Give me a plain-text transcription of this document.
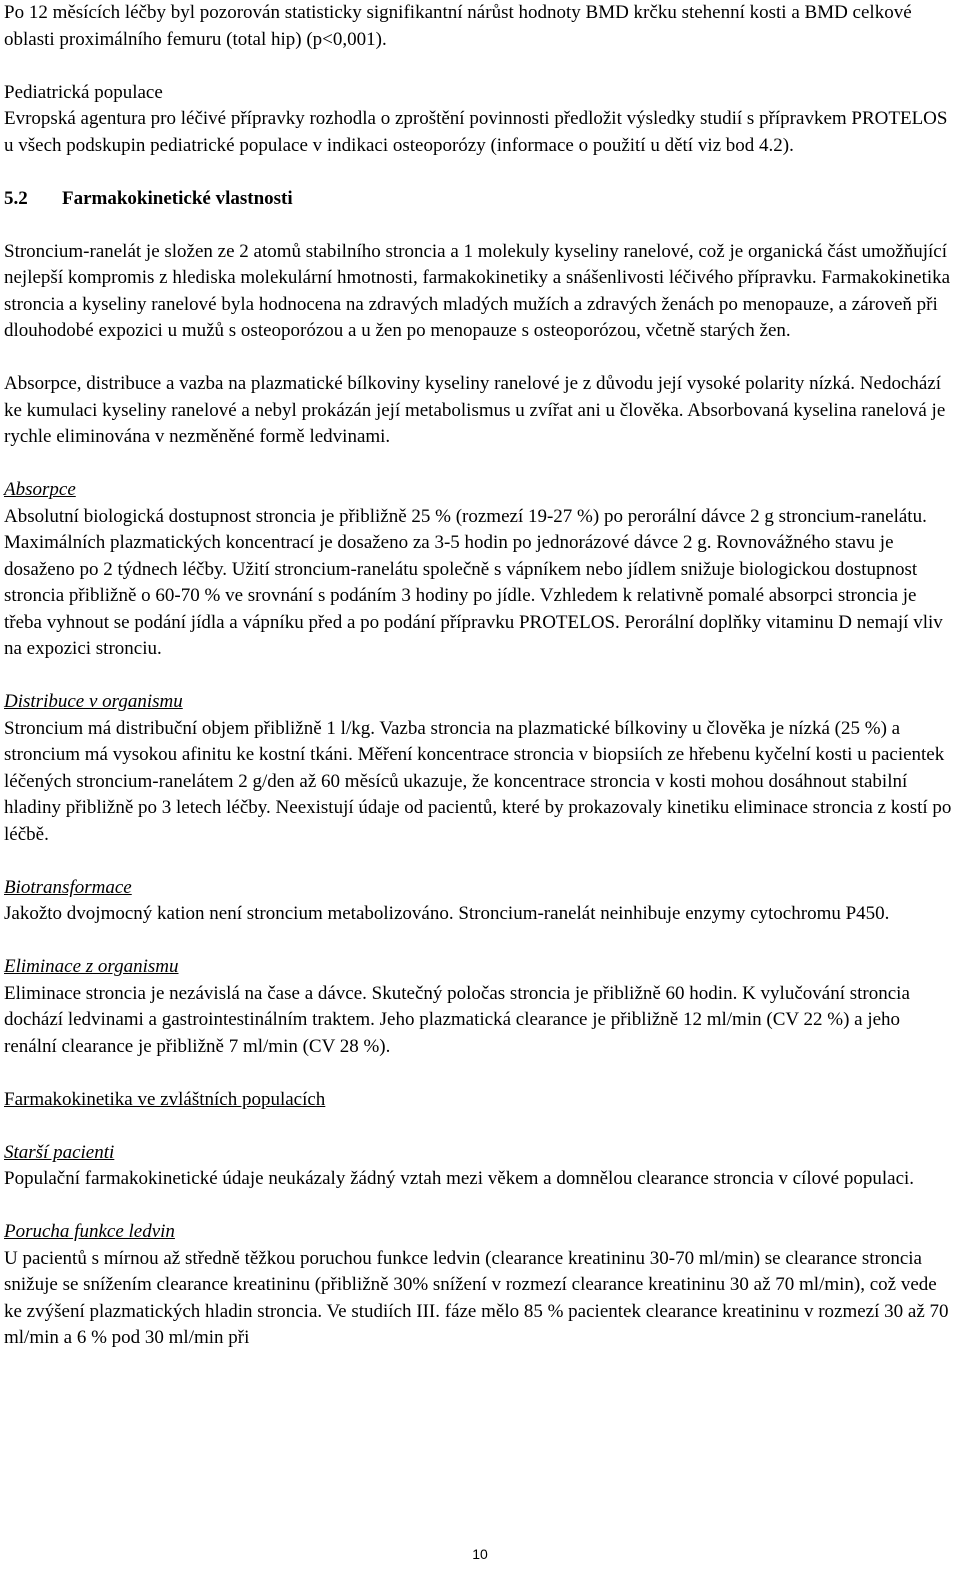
Po 12 měsících léčby byl pozorován statisticky signifikantní nárůst hodnoty BMD krčku stehenní kosti a BMD celkové oblasti proximálního femuru (total hip) (p<0,001).

Pediatrická populace

Evropská agentura pro léčivé přípravky rozhodla o zproštění povinnosti předložit výsledky studií s přípravkem PROTELOS u všech podskupin pediatrické populace v indikaci osteoporózy (informace o použití u dětí viz bod 4.2).

5.2 Farmakokinetické vlastnosti

Stroncium-ranelát je složen ze 2 atomů stabilního stroncia a 1 molekuly kyseliny ranelové, což je organická část umožňující nejlepší kompromis z hlediska molekulární hmotnosti, farmakokinetiky a snášenlivosti léčivého přípravku. Farmakokinetika stroncia a kyseliny ranelové byla hodnocena na zdravých mladých mužích a zdravých ženách po menopauze, a zároveň při dlouhodobé expozici u mužů s osteoporózou a u žen po menopauze s osteoporózou, včetně starých žen.

Absorpce, distribuce a vazba na plazmatické bílkoviny kyseliny ranelové je z důvodu její vysoké polarity nízká. Nedochází ke kumulaci kyseliny ranelové a nebyl prokázán její metabolismus u zvířat ani u člověka. Absorbovaná kyselina ranelová je rychle eliminována v nezměněné formě ledvinami.

Absorpce

Absolutní biologická dostupnost stroncia je přibližně 25 % (rozmezí 19-27 %) po perorální dávce 2 g stroncium-ranelátu. Maximálních plazmatických koncentrací je dosaženo za 3-5 hodin po jednorázové dávce 2 g. Rovnovážného stavu je dosaženo po 2 týdnech léčby. Užití stroncium-ranelátu společně s vápníkem nebo jídlem snižuje biologickou dostupnost stroncia přibližně o 60-70 % ve srovnání s podáním 3 hodiny po jídle. Vzhledem k relativně pomalé absorpci stroncia je třeba vyhnout se podání jídla a vápníku před a po podání přípravku PROTELOS. Perorální doplňky vitaminu D nemají vliv na expozici stronciu.

Distribuce v organismu

Stroncium má distribuční objem přibližně 1 l/kg. Vazba stroncia na plazmatické bílkoviny u člověka je nízká (25 %) a stroncium má vysokou afinitu ke kostní tkáni. Měření koncentrace stroncia v biopsiích ze hřebenu kyčelní kosti u pacientek léčených stroncium-ranelátem 2 g/den až 60 měsíců ukazuje, že koncentrace stroncia v kosti mohou dosáhnout stabilní hladiny přibližně po 3 letech léčby. Neexistují údaje od pacientů, které by prokazovaly kinetiku eliminace stroncia z kostí po léčbě.

Biotransformace

Jakožto dvojmocný kation není stroncium metabolizováno. Stroncium-ranelát neinhibuje enzymy cytochromu P450.

Eliminace z organismu

Eliminace stroncia je nezávislá na čase a dávce. Skutečný poločas stroncia je přibližně 60 hodin. K vylučování stroncia dochází ledvinami a gastrointestinálním traktem. Jeho plazmatická clearance je přibližně 12 ml/min (CV 22 %) a jeho renální clearance je přibližně 7 ml/min (CV 28 %).

Farmakokinetika ve zvláštních populacích

Starší pacienti

Populační farmakokinetické údaje neukázaly žádný vztah mezi věkem a domnělou clearance stroncia v cílové populaci.

Porucha funkce ledvin

U pacientů s mírnou až středně těžkou poruchou funkce ledvin (clearance kreatininu 30-70 ml/min) se clearance stroncia snižuje se snížením clearance kreatininu (přibližně 30% snížení v rozmezí clearance kreatininu 30 až 70 ml/min), což vede ke zvýšení plazmatických hladin stroncia. Ve studiích III. fáze mělo 85 % pacientek clearance kreatininu v rozmezí 30 až 70 ml/min a 6 % pod 30 ml/min při

10
